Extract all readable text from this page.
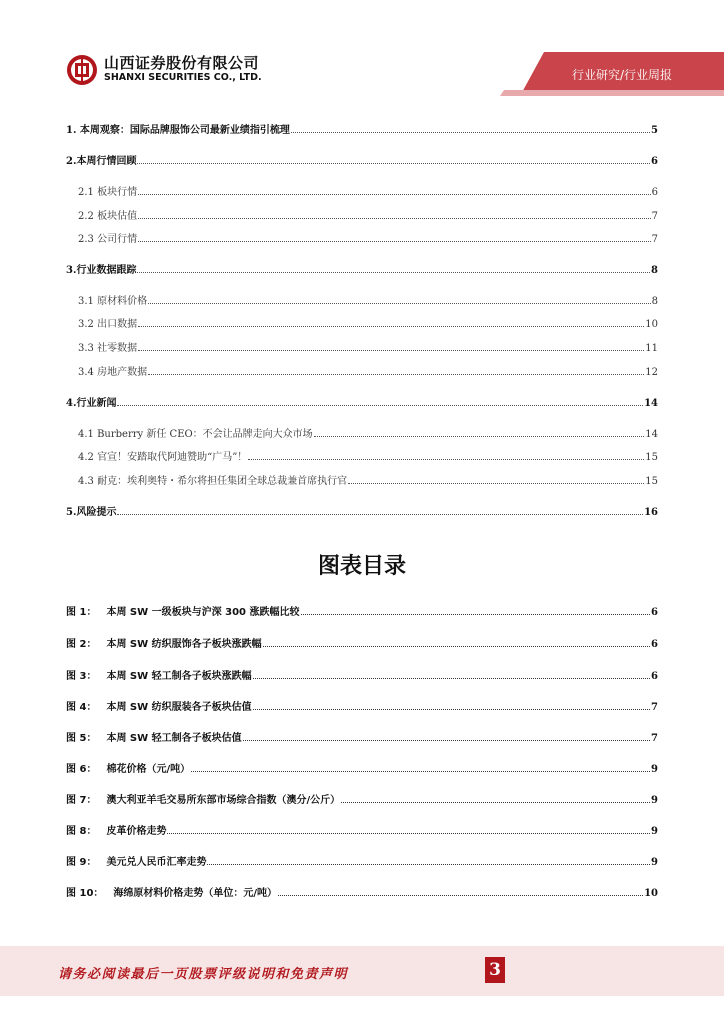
山西证券股份有限公司
SHANXI SECURITIES CO., LTD.	行业研究/行业周报
1. 本周观察：国际品牌服饰公司最新业绩指引梳理	5
2.本周行情回顾	6
2.1 板块行情	6
2.2 板块估值	7
2.3 公司行情	7
3.行业数据跟踪	8
3.1 原材料价格	8
3.2 出口数据	10
3.3 社零数据	11
3.4 房地产数据	12
4.行业新闻	14
4.1 Burberry 新任 CEO：不会让品牌走向大众市场	14
4.2 官宣！安踏取代阿迪赞助“广马”！	15
4.3 耐克：埃利奥特・希尔将担任集团全球总裁兼首席执行官	15
5.风险提示	16
图表目录
图 1： 本周 SW 一级板块与沪深 300 涨跌幅比较	6
图 2： 本周 SW 纺织服饰各子板块涨跌幅	6
图 3： 本周 SW 轻工制各子板块涨跌幅	6
图 4： 本周 SW 纺织服装各子板块估值	7
图 5： 本周 SW 轻工制各子板块估值	7
图 6： 棉花价格（元/吨）	9
图 7： 澳大利亚羊毛交易所东部市场综合指数（澳分/公斤）	9
图 8： 皮革价格走势	9
图 9： 美元兑人民币汇率走势	9
图 10： 海绵原材料价格走势（单位：元/吨）	10
请务必阅读最后一页股票评级说明和免责声明	3
